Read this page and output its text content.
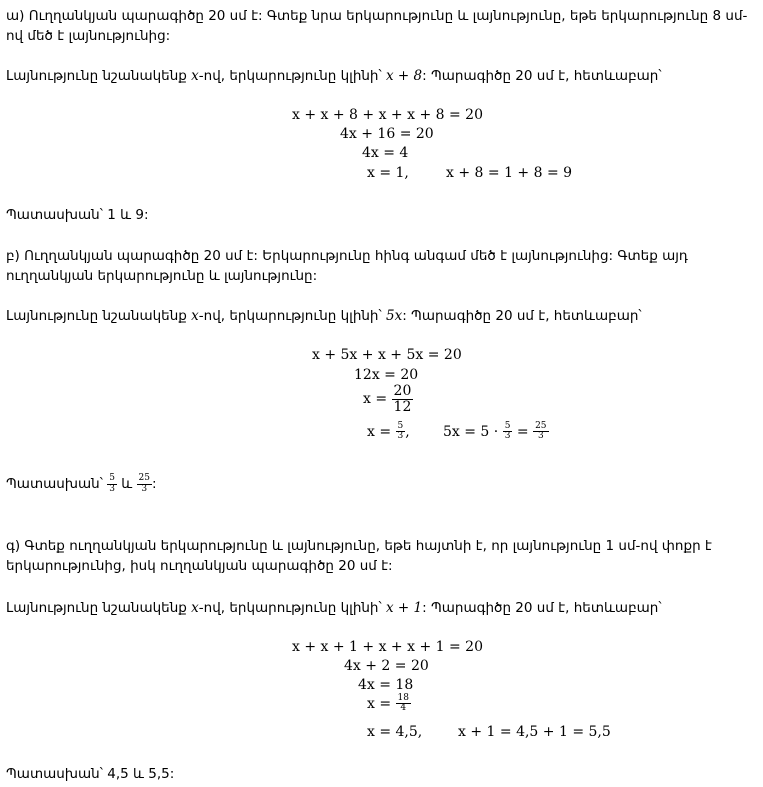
ա) Ուղղանկյան պարագիծը 20 սմ է: Գտեք նրա երկարությունը և լայնությունը, եթե երկարությունը 8 սմ-
ով մեծ է լայնությունից:
Լայնությունը նշանակենք x-ով, երկարությունը կլինի՝ x + 8: Պարագիծը 20 սմ է, հետևաբար՝
x + x + 8 + x + x + 8 = 20
4x + 16 = 20
4x = 4
x = 1,	x + 8 = 1 + 8 = 9
Պատասխան՝ 1 և 9:
բ) Ուղղանկյան պարագիծը 20 սմ է: Երկարությունը հինգ անգամ մեծ է լայնությունից: Գտեք այդ
ուղղանկյան երկարությունը և լայնությունը:
Լայնությունը նշանակենք x-ով, երկարությունը կլինի՝ 5x: Պարագիծը 20 սմ է, հետևաբար՝
x + 5x + x + 5x = 20
12x = 20
$x = \frac{20}{12}$
$x = \frac{5}{3}$ , $5x = 5 \cdot \frac{5}{3} = \frac{25}{3}$
Պատասխան՝ $\frac{5}{3}$ և $\frac{25}{3}$ :
գ) Գտեք ուղղանկյան երկարությունը և լայնությունը, եթե հայտնի է, որ լայնությունը 1 սմ-ով փոքր է
երկարությունից, իսկ ուղղանկյան պարագիծը 20 սմ է:
Լայնությունը նշանակենք x-ով, երկարությունը կլինի՝ x + 1: Պարագիծը 20 սմ է, հետևաբար՝
x + x + 1 + x + x + 1 = 20
4x + 2 = 20
4x = 18
$x = \frac{18}{4}$
x = 4,5,	x + 1 = 4,5 + 1 = 5,5
Պատասխան՝ 4,5 և 5,5:
